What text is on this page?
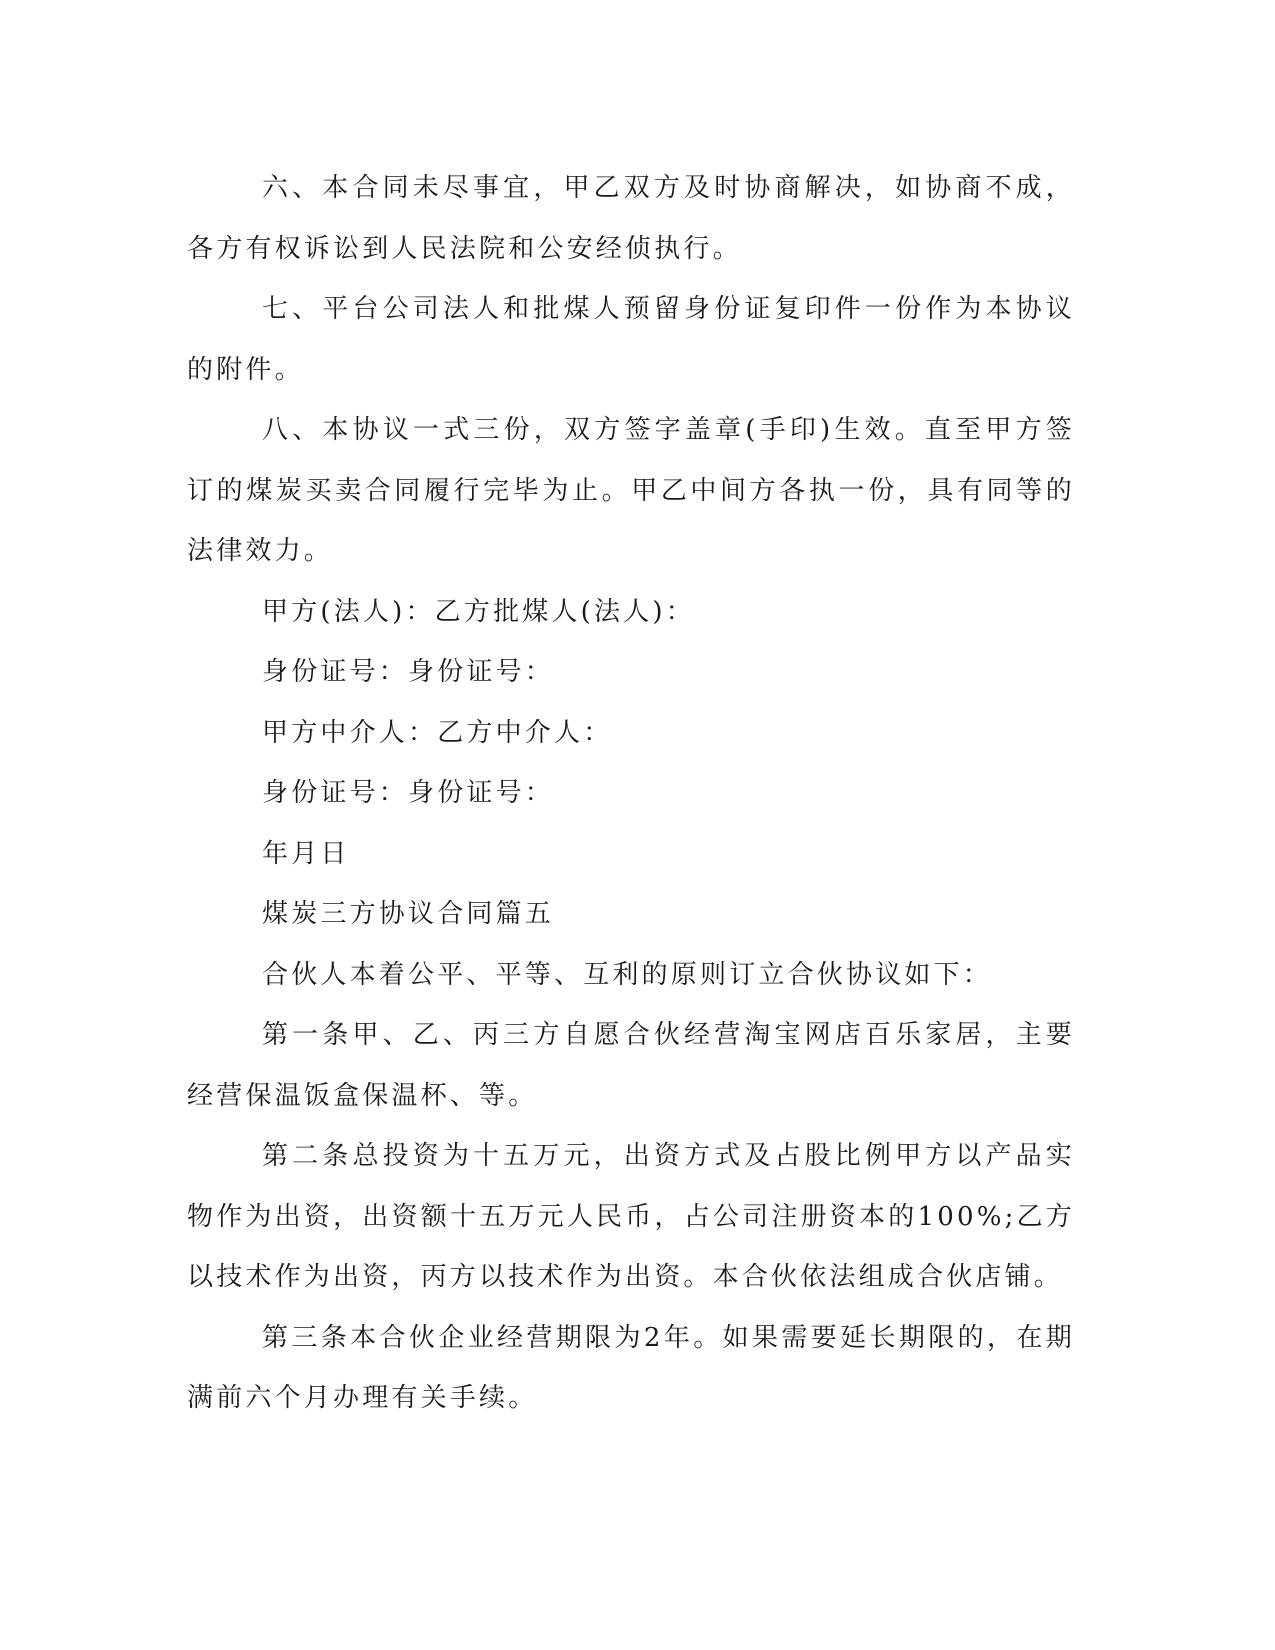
六、本合同未尽事宜，甲乙双方及时协商解决，如协商不成，各方有权诉讼到人民法院和公安经侦执行。

七、平台公司法人和批煤人预留身份证复印件一份作为本协议的附件。

八、本协议一式三份，双方签字盖章(手印)生效。直至甲方签订的煤炭买卖合同履行完毕为止。甲乙中间方各执一份，具有同等的法律效力。

甲方(法人)：乙方批煤人(法人)：

身份证号：身份证号：

甲方中介人：乙方中介人：

身份证号：身份证号：

年月日

煤炭三方协议合同篇五

合伙人本着公平、平等、互利的原则订立合伙协议如下：

第一条甲、乙、丙三方自愿合伙经营淘宝网店百乐家居，主要经营保温饭盒保温杯、等。

第二条总投资为十五万元，出资方式及占股比例甲方以产品实物作为出资，出资额十五万元人民币，占公司注册资本的100%;乙方以技术作为出资，丙方以技术作为出资。本合伙依法组成合伙店铺。

第三条本合伙企业经营期限为2年。如果需要延长期限的，在期满前六个月办理有关手续。
